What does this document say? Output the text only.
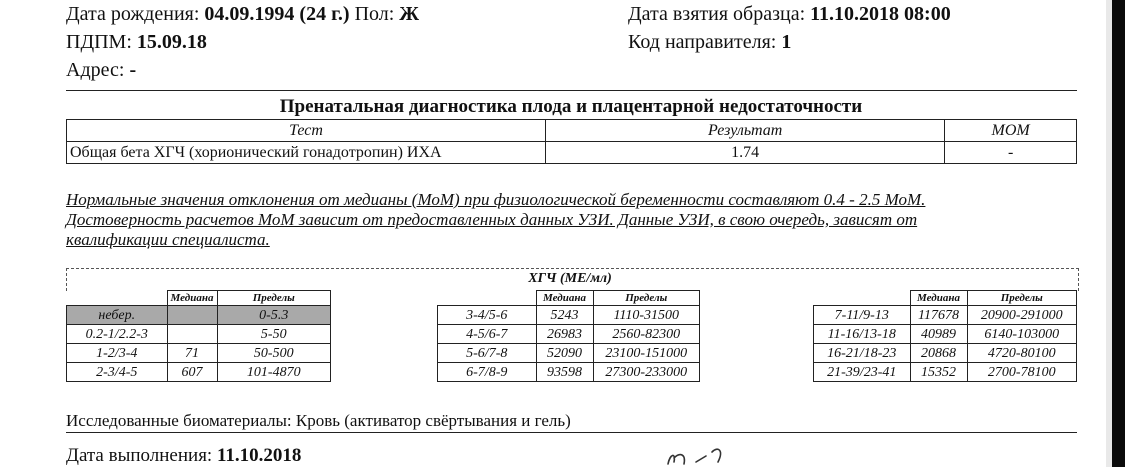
Дата рождения: 04.09.1994 (24 г.) Пол: Ж
ПДПМ: 15.09.18
Адрес: -
Дата взятия образца: 11.10.2018 08:00
Код направителя: 1
Пренатальная диагностика плода и плацентарной недостаточности
Тест	Результат	МОМ
Общая бета ХГЧ (хорионический гонадотропин) ИХА	1.74	-
Нормальные значения отклонения от медианы (МоМ) при физиологической беременности составляют 0.4 - 2.5 МоМ.
Достоверность расчетов МоМ зависит от предоставленных данных УЗИ. Данные УЗИ, в свою очередь, зависят от
квалификации специалиста.
ХГЧ (МЕ/мл)
	Медиана	Пределы
небер.		0-5.3
0.2-1/2.2-3		5-50
1-2/3-4	71	50-500
2-3/4-5	607	101-4870
	Медиана	Пределы
3-4/5-6	5243	1110-31500
4-5/6-7	26983	2560-82300
5-6/7-8	52090	23100-151000
6-7/8-9	93598	27300-233000
	Медиана	Пределы
7-11/9-13	117678	20900-291000
11-16/13-18	40989	6140-103000
16-21/18-23	20868	4720-80100
21-39/23-41	15352	2700-78100
Исследованные биоматериалы: Кровь (активатор свёртывания и гель)
Дата выполнения: 11.10.2018
